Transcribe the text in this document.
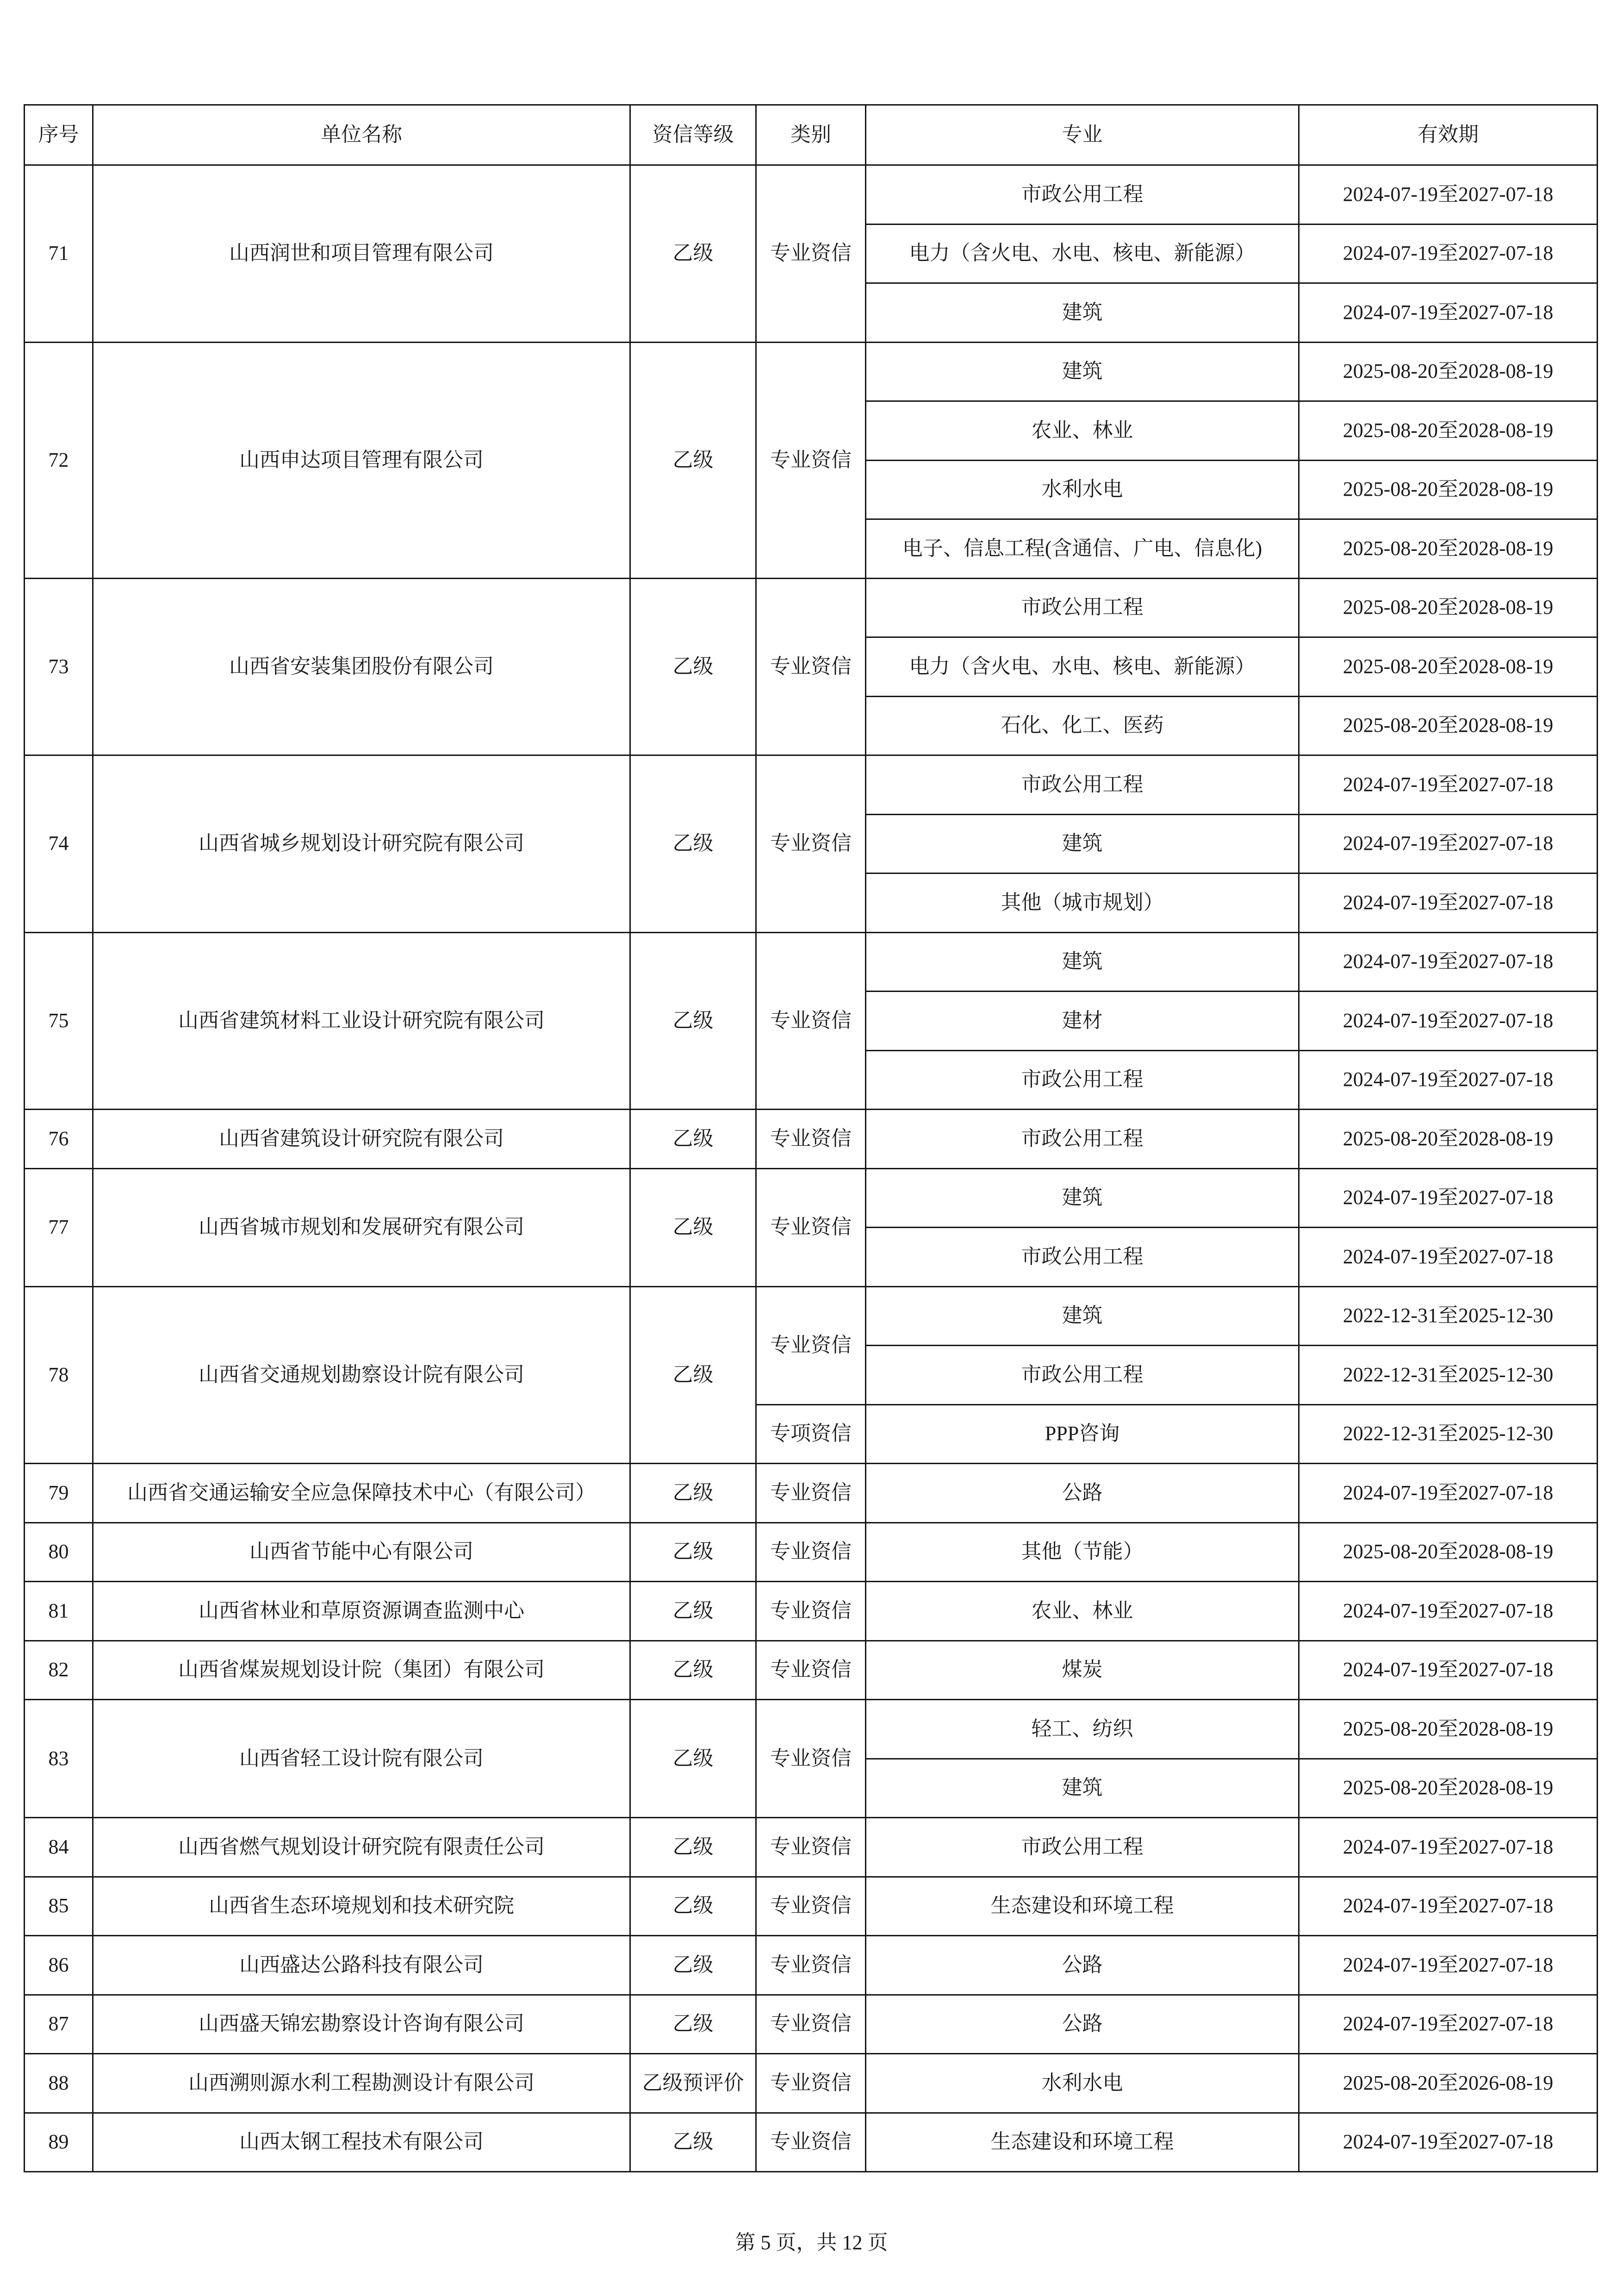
序号	单位名称	资信等级	类别	专业	有效期
71	山西润世和项目管理有限公司	乙级	专业资信	市政公用工程	2024-07-19至2027-07-18
				电力（含火电、水电、核电、新能源）	2024-07-19至2027-07-18
				建筑	2024-07-19至2027-07-18
72	山西申达项目管理有限公司	乙级	专业资信	建筑	2025-08-20至2028-08-19
				农业、林业	2025-08-20至2028-08-19
				水利水电	2025-08-20至2028-08-19
				电子、信息工程(含通信、广电、信息化)	2025-08-20至2028-08-19
73	山西省安装集团股份有限公司	乙级	专业资信	市政公用工程	2025-08-20至2028-08-19
				电力（含火电、水电、核电、新能源）	2025-08-20至2028-08-19
				石化、化工、医药	2025-08-20至2028-08-19
74	山西省城乡规划设计研究院有限公司	乙级	专业资信	市政公用工程	2024-07-19至2027-07-18
				建筑	2024-07-19至2027-07-18
				其他（城市规划）	2024-07-19至2027-07-18
75	山西省建筑材料工业设计研究院有限公司	乙级	专业资信	建筑	2024-07-19至2027-07-18
				建材	2024-07-19至2027-07-18
				市政公用工程	2024-07-19至2027-07-18
76	山西省建筑设计研究院有限公司	乙级	专业资信	市政公用工程	2025-08-20至2028-08-19
77	山西省城市规划和发展研究有限公司	乙级	专业资信	建筑	2024-07-19至2027-07-18
				市政公用工程	2024-07-19至2027-07-18
78	山西省交通规划勘察设计院有限公司	乙级	专业资信	建筑	2022-12-31至2025-12-30
				市政公用工程	2022-12-31至2025-12-30
			专项资信	PPP咨询	2022-12-31至2025-12-30
79	山西省交通运输安全应急保障技术中心（有限公司）	乙级	专业资信	公路	2024-07-19至2027-07-18
80	山西省节能中心有限公司	乙级	专业资信	其他（节能）	2025-08-20至2028-08-19
81	山西省林业和草原资源调查监测中心	乙级	专业资信	农业、林业	2024-07-19至2027-07-18
82	山西省煤炭规划设计院（集团）有限公司	乙级	专业资信	煤炭	2024-07-19至2027-07-18
83	山西省轻工设计院有限公司	乙级	专业资信	轻工、纺织	2025-08-20至2028-08-19
				建筑	2025-08-20至2028-08-19
84	山西省燃气规划设计研究院有限责任公司	乙级	专业资信	市政公用工程	2024-07-19至2027-07-18
85	山西省生态环境规划和技术研究院	乙级	专业资信	生态建设和环境工程	2024-07-19至2027-07-18
86	山西盛达公路科技有限公司	乙级	专业资信	公路	2024-07-19至2027-07-18
87	山西盛天锦宏勘察设计咨询有限公司	乙级	专业资信	公路	2024-07-19至2027-07-18
88	山西溯则源水利工程勘测设计有限公司	乙级预评价	专业资信	水利水电	2025-08-20至2026-08-19
89	山西太钢工程技术有限公司	乙级	专业资信	生态建设和环境工程	2024-07-19至2027-07-18
第 5 页，共 12 页
